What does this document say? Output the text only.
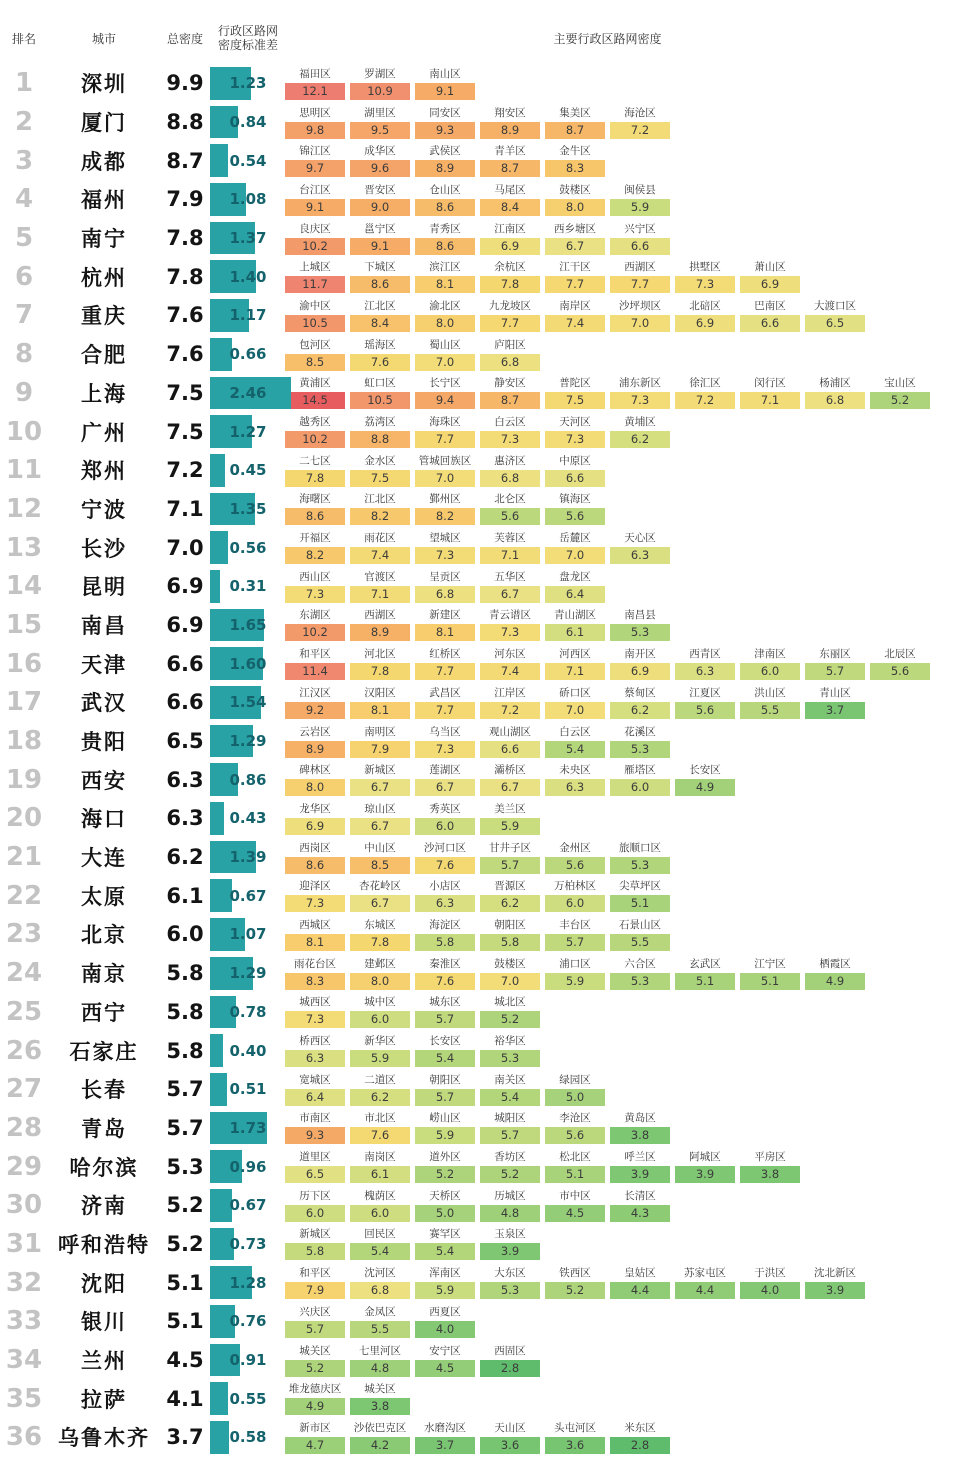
排名	城市	总密度
行政区路网
密度标准差	主要行政区路网密度
1	深圳	9.9	1.23
福田区
12.1
罗湖区
10.9
南山区
9.1
2	厦门	8.8	0.84
思明区
9.8
湖里区
9.5
同安区
9.3
翔安区
8.9
集美区
8.7
海沧区
7.2
3	成都	8.7	0.54
锦江区
9.7
成华区
9.6
武侯区
8.9
青羊区
8.7
金牛区
8.3
4	福州	7.9	1.08
台江区
9.1
晋安区
9.0
仓山区
8.6
马尾区
8.4
鼓楼区
8.0
闽侯县
5.9
5	南宁	7.8	1.37
良庆区
10.2
邕宁区
9.1
青秀区
8.6
江南区
6.9
西乡塘区
6.7
兴宁区
6.6
6	杭州	7.8	1.40
上城区
11.7
下城区
8.6
滨江区
8.1
余杭区
7.8
江干区
7.7
西湖区
7.7
拱墅区
7.3
萧山区
6.9
7	重庆	7.6	1.17
渝中区
10.5
江北区
8.4
渝北区
8.0
九龙坡区
7.7
南岸区
7.4
沙坪坝区
7.0
北碚区
6.9
巴南区
6.6
大渡口区
6.5
8	合肥	7.6	0.66
包河区
8.5
瑶海区
7.6
蜀山区
7.0
庐阳区
6.8
9	上海	7.5	2.46
黄浦区
14.5
虹口区
10.5
长宁区
9.4
静安区
8.7
普陀区
7.5
浦东新区
7.3
徐汇区
7.2
闵行区
7.1
杨浦区
6.8
宝山区
5.2
10	广州	7.5	1.27
越秀区
10.2
荔湾区
8.8
海珠区
7.7
白云区
7.3
天河区
7.3
黄埔区
6.2
11	郑州	7.2	0.45
二七区
7.8
金水区
7.5
管城回族区
7.0
惠济区
6.8
中原区
6.6
12	宁波	7.1	1.35
海曙区
8.6
江北区
8.2
鄞州区
8.2
北仑区
5.6
镇海区
5.6
13	长沙	7.0	0.56
开福区
8.2
雨花区
7.4
望城区
7.3
芙蓉区
7.1
岳麓区
7.0
天心区
6.3
14	昆明	6.9	0.31
西山区
7.3
官渡区
7.1
呈贡区
6.8
五华区
6.7
盘龙区
6.4
15	南昌	6.9	1.65
东湖区
10.2
西湖区
8.9
新建区
8.1
青云谱区
7.3
青山湖区
6.1
南昌县
5.3
16	天津	6.6	1.60
和平区
11.4
河北区
7.8
红桥区
7.7
河东区
7.4
河西区
7.1
南开区
6.9
西青区
6.3
津南区
6.0
东丽区
5.7
北辰区
5.6
17	武汉	6.6	1.54
江汉区
9.2
汉阳区
8.1
武昌区
7.7
江岸区
7.2
硚口区
7.0
蔡甸区
6.2
江夏区
5.6
洪山区
5.5
青山区
3.7
18	贵阳	6.5	1.29
云岩区
8.9
南明区
7.9
乌当区
7.3
观山湖区
6.6
白云区
5.4
花溪区
5.3
19	西安	6.3	0.86
碑林区
8.0
新城区
6.7
莲湖区
6.7
灞桥区
6.7
未央区
6.3
雁塔区
6.0
长安区
4.9
20	海口	6.3	0.43
龙华区
6.9
琼山区
6.7
秀英区
6.0
美兰区
5.9
21	大连	6.2	1.39
西岗区
8.6
中山区
8.5
沙河口区
7.6
甘井子区
5.7
金州区
5.6
旅顺口区
5.3
22	太原	6.1	0.67
迎泽区
7.3
杏花岭区
6.7
小店区
6.3
晋源区
6.2
万柏林区
6.0
尖草坪区
5.1
23	北京	6.0	1.07
西城区
8.1
东城区
7.8
海淀区
5.8
朝阳区
5.8
丰台区
5.7
石景山区
5.5
24	南京	5.8	1.29
雨花台区
8.3
建邺区
8.0
秦淮区
7.6
鼓楼区
7.0
浦口区
5.9
六合区
5.3
玄武区
5.1
江宁区
5.1
栖霞区
4.9
25	西宁	5.8	0.78
城西区
7.3
城中区
6.0
城东区
5.7
城北区
5.2
26	石家庄	5.8	0.40
桥西区
6.3
新华区
5.9
长安区
5.4
裕华区
5.3
27	长春	5.7	0.51
宽城区
6.4
二道区
6.2
朝阳区
5.7
南关区
5.4
绿园区
5.0
28	青岛	5.7	1.73
市南区
9.3
市北区
7.6
崂山区
5.9
城阳区
5.7
李沧区
5.6
黄岛区
3.8
29	哈尔滨	5.3	0.96
道里区
6.5
南岗区
6.1
道外区
5.2
香坊区
5.2
松北区
5.1
呼兰区
3.9
阿城区
3.9
平房区
3.8
30	济南	5.2	0.67
历下区
6.0
槐荫区
6.0
天桥区
5.0
历城区
4.8
市中区
4.5
长清区
4.3
31 呼和浩特 5.2	0.73
新城区
5.8
回民区
5.4
赛罕区
5.4
玉泉区
3.9
32	沈阳	5.1	1.28
和平区
7.9
沈河区
6.8
浑南区
5.9
大东区
5.3
铁西区
5.2
皇姑区
4.4
苏家屯区
4.4
于洪区
4.0
沈北新区
3.9
33	银川	5.1	0.76
兴庆区
5.7
金凤区
5.5
西夏区
4.0
34	兰州	4.5	0.91
城关区
5.2
七里河区
4.8
安宁区
4.5
西固区
2.8
35	拉萨	4.1	0.55
堆龙德庆区
4.9
城关区
3.8
36 乌鲁木齐 3.7	0.58
新市区
4.7
沙依巴克区
4.2
水磨沟区
3.7
天山区
3.6
头屯河区
3.6
米东区
2.8
